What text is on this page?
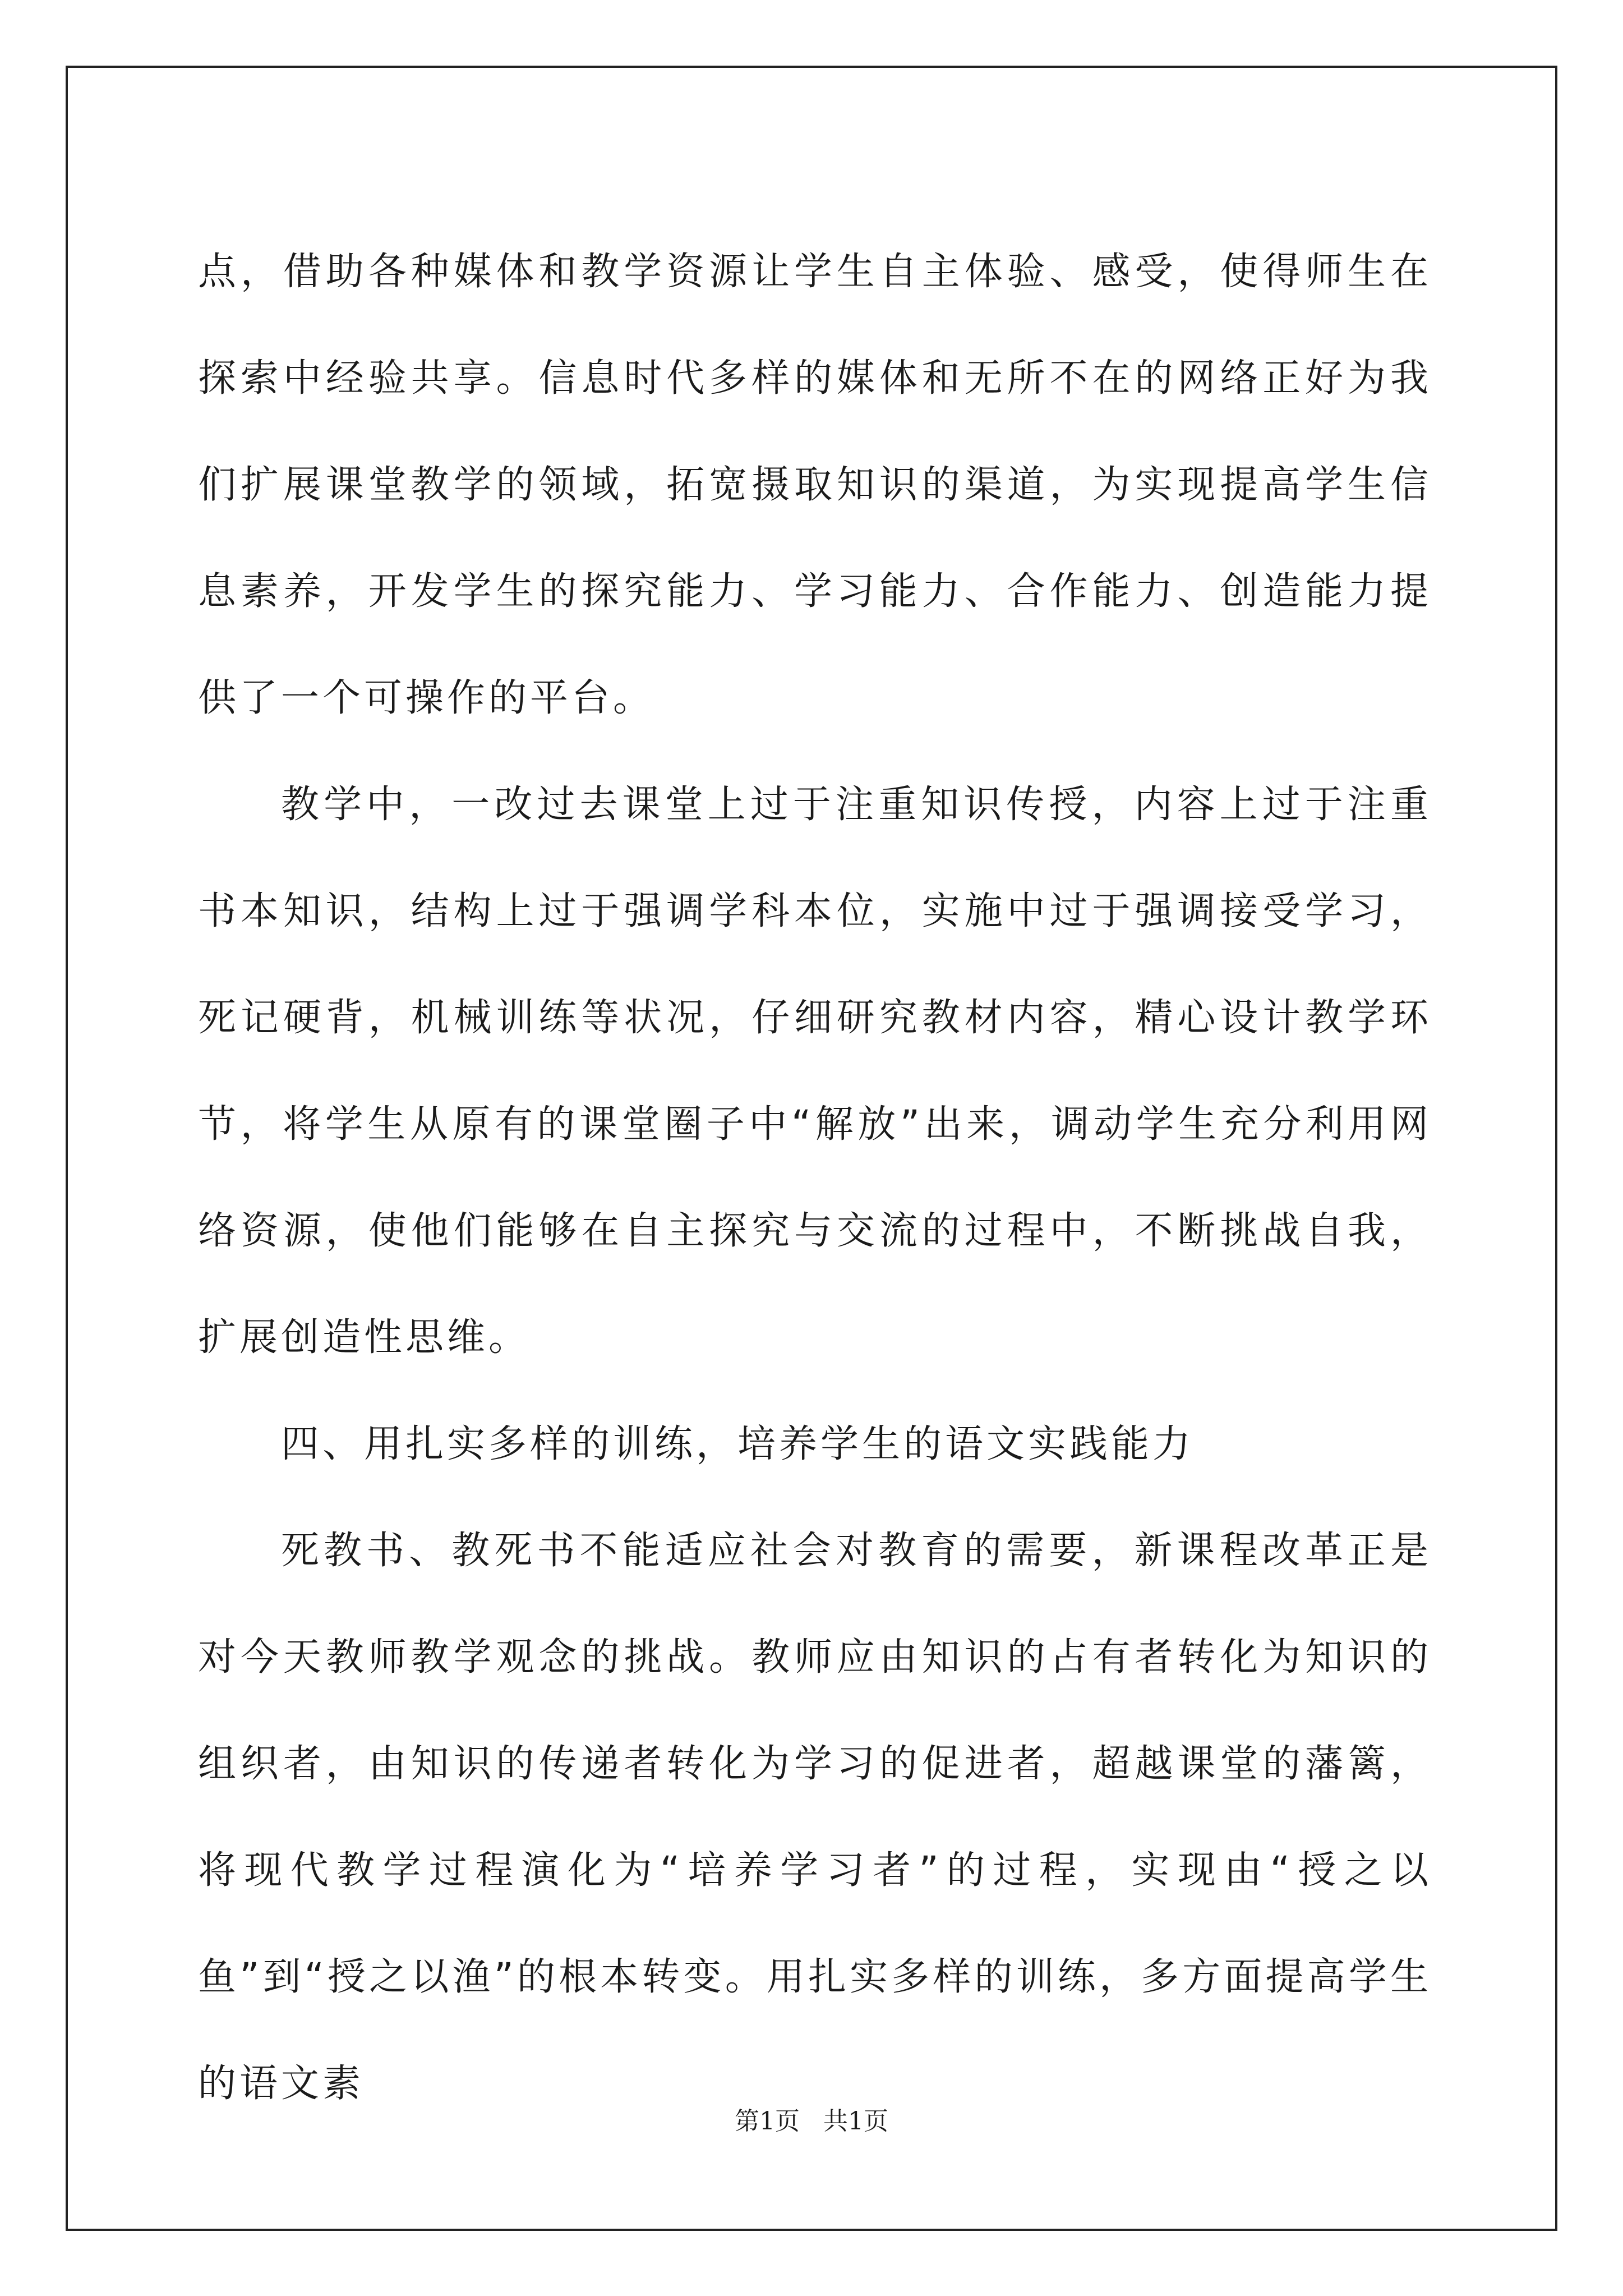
点，借助各种媒体和教学资源让学生自主体验、感受，使得师生在探索中经验共享。信息时代多样的媒体和无所不在的网络正好为我们扩展课堂教学的领域，拓宽摄取知识的渠道，为实现提高学生信息素养，开发学生的探究能力、学习能力、合作能力、创造能力提供了一个可操作的平台。

教学中，一改过去课堂上过于注重知识传授，内容上过于注重书本知识，结构上过于强调学科本位，实施中过于强调接受学习，死记硬背，机械训练等状况，仔细研究教材内容，精心设计教学环节，将学生从原有的课堂圈子中“解放”出来，调动学生充分利用网络资源，使他们能够在自主探究与交流的过程中，不断挑战自我，扩展创造性思维。

四、用扎实多样的训练，培养学生的语文实践能力

死教书、教死书不能适应社会对教育的需要，新课程改革正是对今天教师教学观念的挑战。教师应由知识的占有者转化为知识的组织者，由知识的传递者转化为学习的促进者，超越课堂的藩篱，将现代教学过程演化为“培养学习者”的过程，实现由“授之以鱼”到“授之以渔”的根本转变。用扎实多样的训练，多方面提高学生的语文素

第1页 共1页
